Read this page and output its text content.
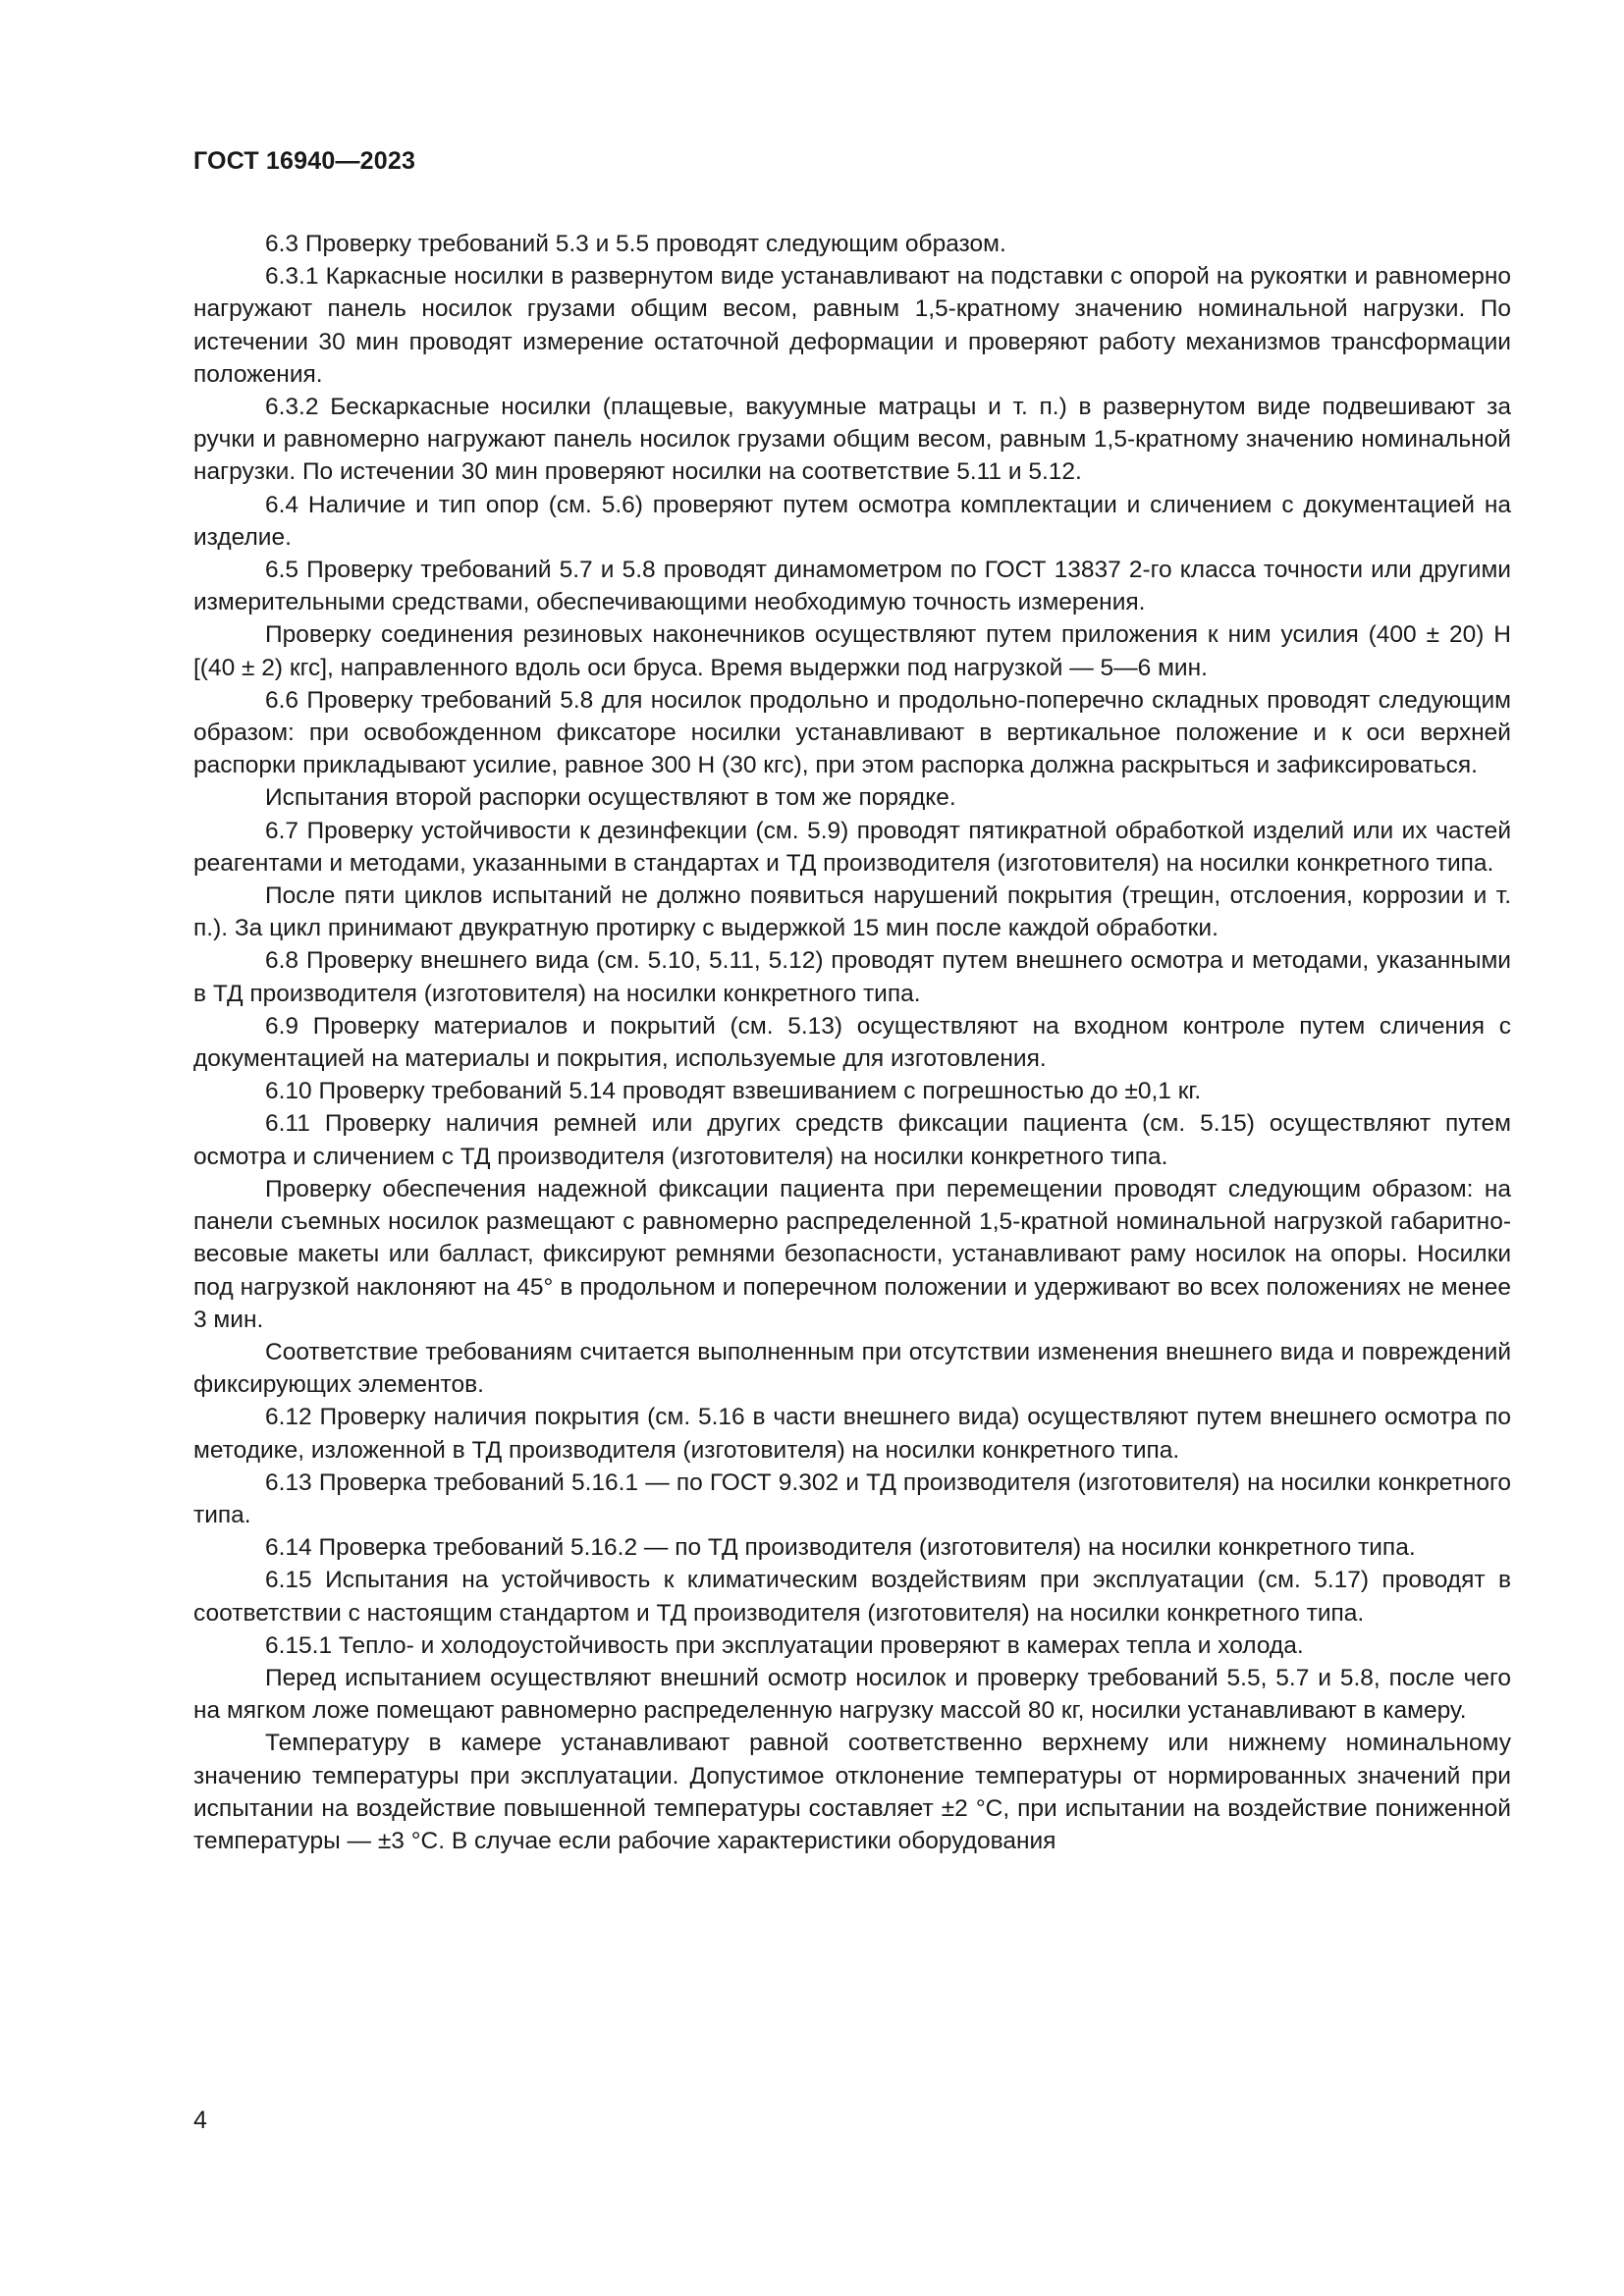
ГОСТ 16940—2023

6.3 Проверку требований 5.3 и 5.5 проводят следующим образом.

6.3.1 Каркасные носилки в развернутом виде устанавливают на подставки с опорой на рукоятки и равномерно нагружают панель носилок грузами общим весом, равным 1,5-кратному значению номинальной нагрузки. По истечении 30 мин проводят измерение остаточной деформации и проверяют работу механизмов трансформации положения.

6.3.2 Бескаркасные носилки (плащевые, вакуумные матрацы и т. п.) в развернутом виде подвешивают за ручки и равномерно нагружают панель носилок грузами общим весом, равным 1,5-кратному значению номинальной нагрузки. По истечении 30 мин проверяют носилки на соответствие 5.11 и 5.12.

6.4 Наличие и тип опор (см. 5.6) проверяют путем осмотра комплектации и сличением с документацией на изделие.

6.5 Проверку требований 5.7 и 5.8 проводят динамометром по ГОСТ 13837 2-го класса точности или другими измерительными средствами, обеспечивающими необходимую точность измерения.

Проверку соединения резиновых наконечников осуществляют путем приложения к ним усилия (400 ± 20) Н [(40 ± 2) кгс], направленного вдоль оси бруса. Время выдержки под нагрузкой — 5—6 мин.

6.6 Проверку требований 5.8 для носилок продольно и продольно-поперечно складных проводят следующим образом: при освобожденном фиксаторе носилки устанавливают в вертикальное положение и к оси верхней распорки прикладывают усилие, равное 300 Н (30 кгс), при этом распорка должна раскрыться и зафиксироваться.

Испытания второй распорки осуществляют в том же порядке.

6.7 Проверку устойчивости к дезинфекции (см. 5.9) проводят пятикратной обработкой изделий или их частей реагентами и методами, указанными в стандартах и ТД производителя (изготовителя) на носилки конкретного типа.

После пяти циклов испытаний не должно появиться нарушений покрытия (трещин, отслоения, коррозии и т. п.). За цикл принимают двукратную протирку с выдержкой 15 мин после каждой обработки.

6.8 Проверку внешнего вида (см. 5.10, 5.11, 5.12) проводят путем внешнего осмотра и методами, указанными в ТД производителя (изготовителя) на носилки конкретного типа.

6.9 Проверку материалов и покрытий (см. 5.13) осуществляют на входном контроле путем сличения с документацией на материалы и покрытия, используемые для изготовления.

6.10 Проверку требований 5.14 проводят взвешиванием с погрешностью до ±0,1 кг.

6.11 Проверку наличия ремней или других средств фиксации пациента (см. 5.15) осуществляют путем осмотра и сличением с ТД производителя (изготовителя) на носилки конкретного типа.

Проверку обеспечения надежной фиксации пациента при перемещении проводят следующим образом: на панели съемных носилок размещают с равномерно распределенной 1,5-кратной номинальной нагрузкой габаритно-весовые макеты или балласт, фиксируют ремнями безопасности, устанавливают раму носилок на опоры. Носилки под нагрузкой наклоняют на 45° в продольном и поперечном положении и удерживают во всех положениях не менее 3 мин.

Соответствие требованиям считается выполненным при отсутствии изменения внешнего вида и повреждений фиксирующих элементов.

6.12 Проверку наличия покрытия (см. 5.16 в части внешнего вида) осуществляют путем внешнего осмотра по методике, изложенной в ТД производителя (изготовителя) на носилки конкретного типа.

6.13 Проверка требований 5.16.1 — по ГОСТ 9.302 и ТД производителя (изготовителя) на носилки конкретного типа.

6.14 Проверка требований 5.16.2 — по ТД производителя (изготовителя) на носилки конкретного типа.

6.15 Испытания на устойчивость к климатическим воздействиям при эксплуатации (см. 5.17) проводят в соответствии с настоящим стандартом и ТД производителя (изготовителя) на носилки конкретного типа.

6.15.1 Тепло- и холодоустойчивость при эксплуатации проверяют в камерах тепла и холода.

Перед испытанием осуществляют внешний осмотр носилок и проверку требований 5.5, 5.7 и 5.8, после чего на мягком ложе помещают равномерно распределенную нагрузку массой 80 кг, носилки устанавливают в камеру.

Температуру в камере устанавливают равной соответственно верхнему или нижнему номинальному значению температуры при эксплуатации. Допустимое отклонение температуры от нормированных значений при испытании на воздействие повышенной температуры составляет ±2 °C, при испытании на воздействие пониженной температуры — ±3 °C. В случае если рабочие характеристики оборудования

4
